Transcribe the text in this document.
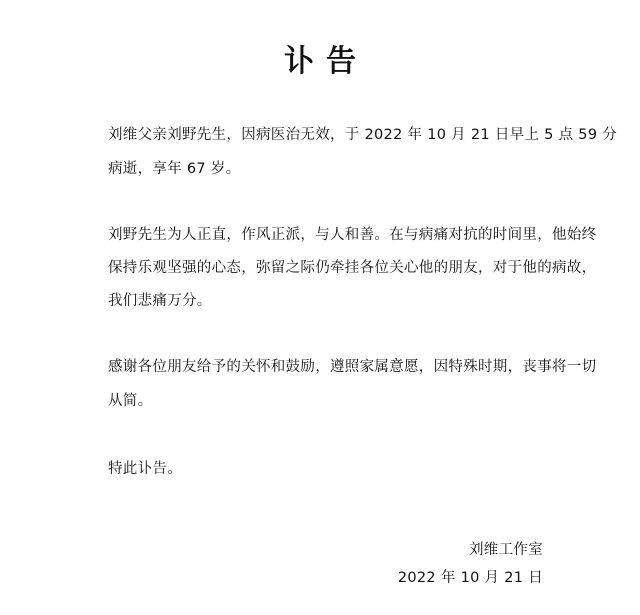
讣告
刘维父亲刘野先生，因病医治无效，于 2022 年 10 月 21 日早上 5 点 59 分
病逝，享年 67 岁。
刘野先生为人正直，作风正派，与人和善。在与病痛对抗的时间里，他始终
保持乐观坚强的心态，弥留之际仍牵挂各位关心他的朋友，对于他的病故，
我们悲痛万分。
感谢各位朋友给予的关怀和鼓励，遵照家属意愿，因特殊时期，丧事将一切
从简。
特此讣告。
刘维工作室
2022 年 10 月 21 日
